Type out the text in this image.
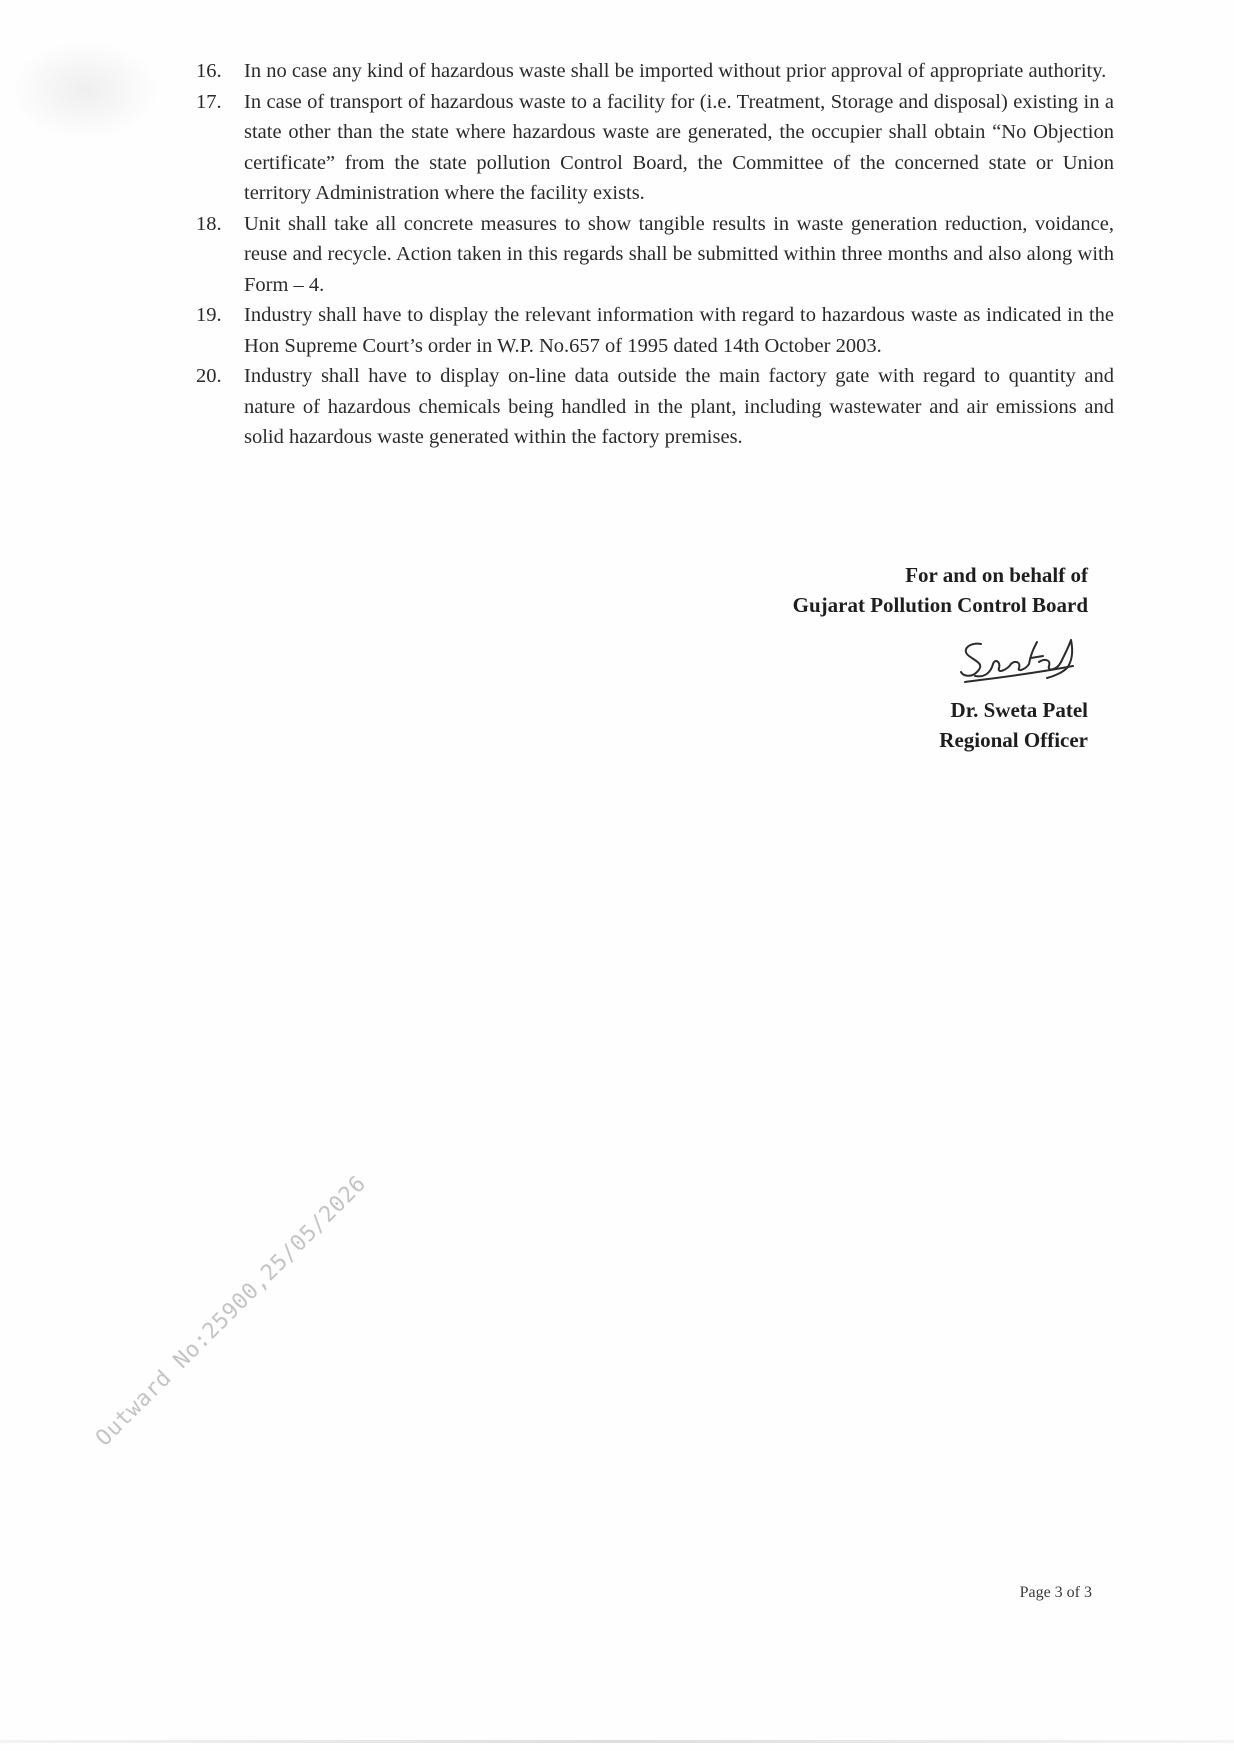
16.	In no case any kind of hazardous waste shall be imported without prior approval of appropriate authority.
17.	In case of transport of hazardous waste to a facility for (i.e. Treatment, Storage and disposal) existing in a state other than the state where hazardous waste are generated, the occupier shall obtain “No Objection certificate” from the state pollution Control Board, the Committee of the concerned state or Union territory Administration where the facility exists.
18.	Unit shall take all concrete measures to show tangible results in waste generation reduction, voidance, reuse and recycle. Action taken in this regards shall be submitted within three months and also along with Form – 4.
19.	Industry shall have to display the relevant information with regard to hazardous waste as indicated in the Hon Supreme Court’s order in W.P. No.657 of 1995 dated 14th October 2003.
20.	Industry shall have to display on-line data outside the main factory gate with regard to quantity and nature of hazardous chemicals being handled in the plant, including wastewater and air emissions and solid hazardous waste generated within the factory premises.
For and on behalf of
Gujarat Pollution Control Board
Dr. Sweta Patel
Regional Officer
Outward No:25900,25/05/2026
Page 3 of 3
